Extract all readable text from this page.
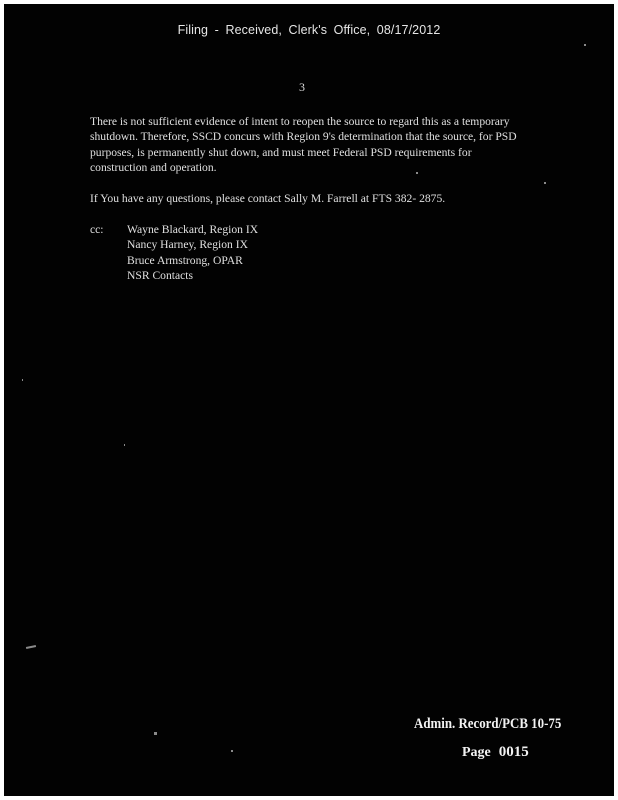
Filing - Received, Clerk's Office, 08/17/2012
3
There is not sufficient evidence of intent to reopen the source to regard this as a temporary shutdown. Therefore, SSCD concurs with Region 9's determination that the source, for PSD purposes, is permanently shut down, and must meet Federal PSD requirements for construction and operation.
If You have any questions, please contact Sally M. Farrell at FTS 382- 2875.
cc: Wayne Blackard, Region IX
Nancy Harney, Region IX
Bruce Armstrong, OPAR
NSR Contacts
Admin. Record/PCB 10-75
Page 0015
